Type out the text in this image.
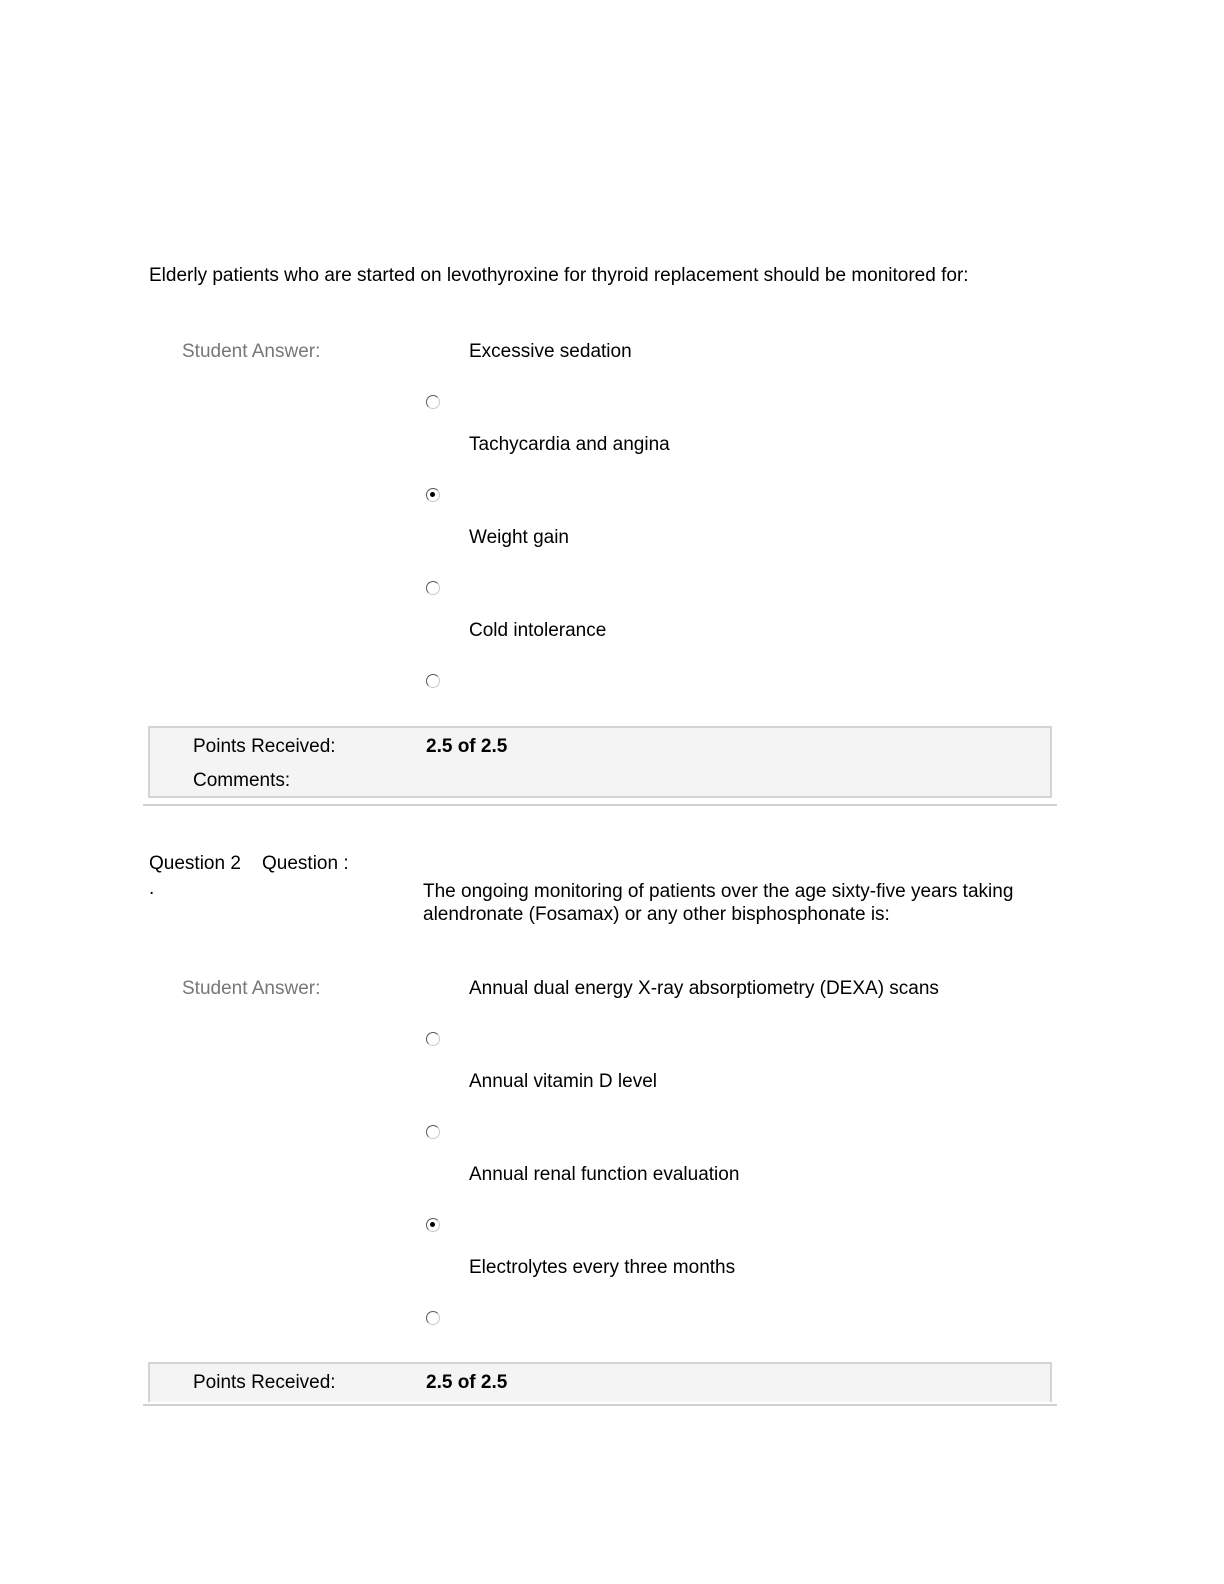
Elderly patients who are started on levothyroxine for thyroid replacement should be monitored for:
Student Answer:	Excessive sedation
Tachycardia and angina
Weight gain
Cold intolerance
Points Received:	2.5 of 2.5
Comments:
Question 2 Question :
.	The ongoing monitoring of patients over the age sixty-five years taking alendronate (Fosamax) or any other bisphosphonate is:
Student Answer:	Annual dual energy X-ray absorptiometry (DEXA) scans
Annual vitamin D level
Annual renal function evaluation
Electrolytes every three months
Points Received:	2.5 of 2.5
